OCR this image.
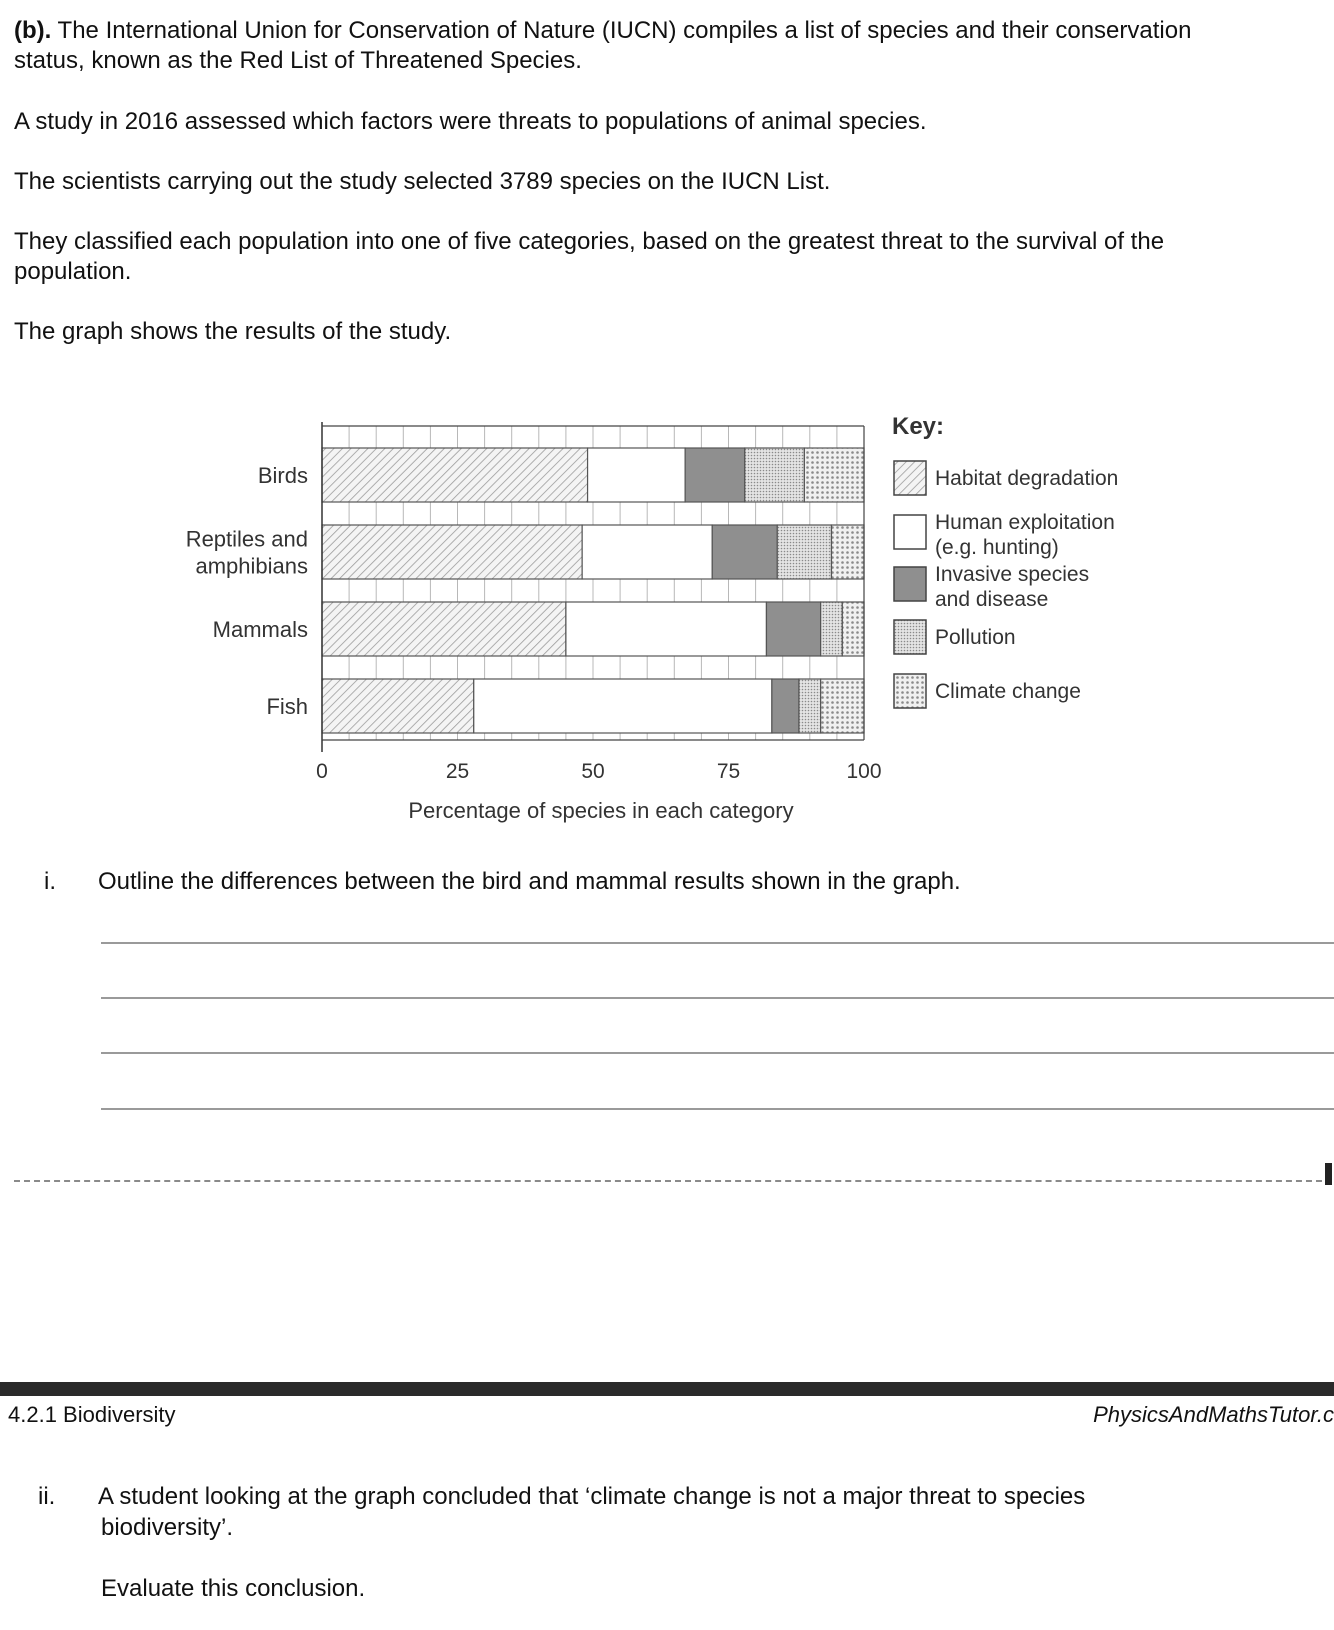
(b). The International Union for Conservation of Nature (IUCN) compiles a list of species and their conservation

status, known as the Red List of Threatened Species.

A study in 2016 assessed which factors were threats to populations of animal species.

The scientists carrying out the study selected 3789 species on the IUCN List.

They classified each population into one of five categories, based on the greatest threat to the survival of the

population.

The graph shows the results of the study.

Birds
Reptiles and
amphibians
Mammals
Fish
0	25	50	75	100
Percentage of species in each category
Key:
Habitat degradation
Human exploitation
(e.g. hunting)
Invasive species
and disease
Pollution
Climate change
i. Outline the differences between the bird and mammal results shown in the graph.

4.2.1 Biodiversity	PhysicsAndMathsTutor.c
ii. A student looking at the graph concluded that ‘climate change is not a major threat to species

biodiversity’.

Evaluate this conclusion.
